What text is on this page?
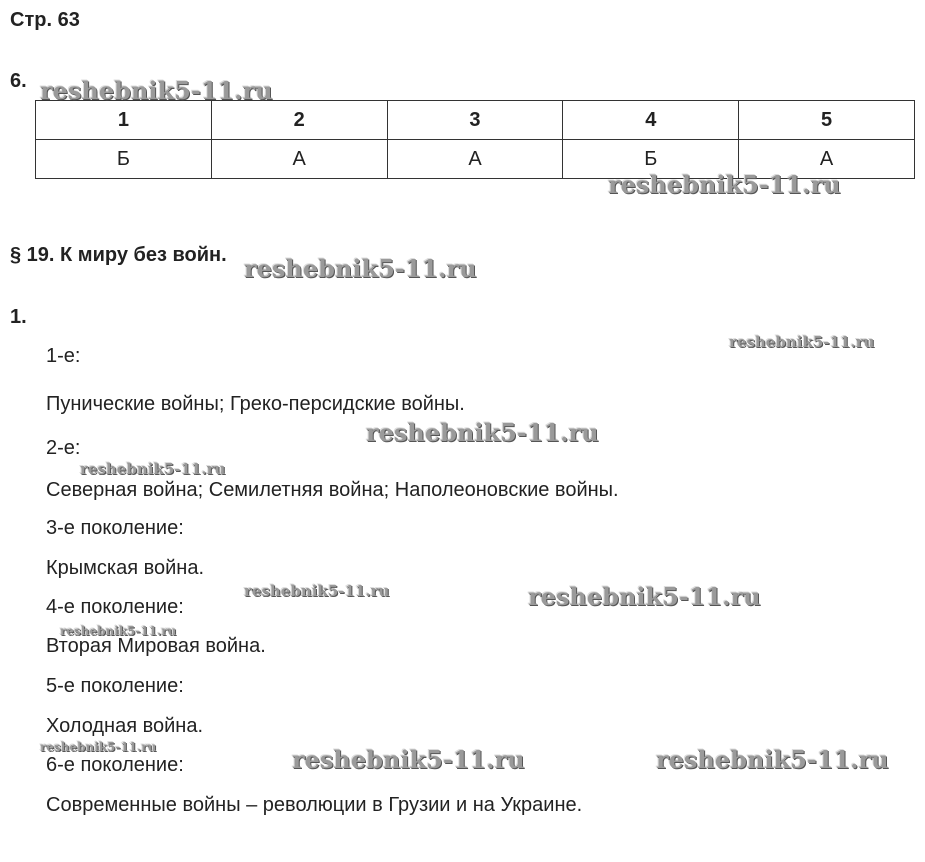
Стр. 63
6.
1	2	3	4	5
Б	А	А	Б	А
§ 19. К миру без войн.
1.
1-е:
Пунические войны; Греко-персидские войны.
2-е:
Северная война; Семилетняя война; Наполеоновские войны.
3-е поколение:
Крымская война.
4-е поколение:
Вторая Мировая война.
5-е поколение:
Холодная война.
6-е поколение:
Современные войны – революции в Грузии и на Украине.
reshebnik5-11.ru
reshebnik5-11.ru
reshebnik5-11.ru
reshebnik5-11.ru
reshebnik5-11.ru
reshebnik5-11.ru
reshebnik5-11.ru	reshebnik5-11.ru
reshebnik5-11.ru
reshebnik5-11.ru	reshebnik5-11.ru	reshebnik5-11.ru
